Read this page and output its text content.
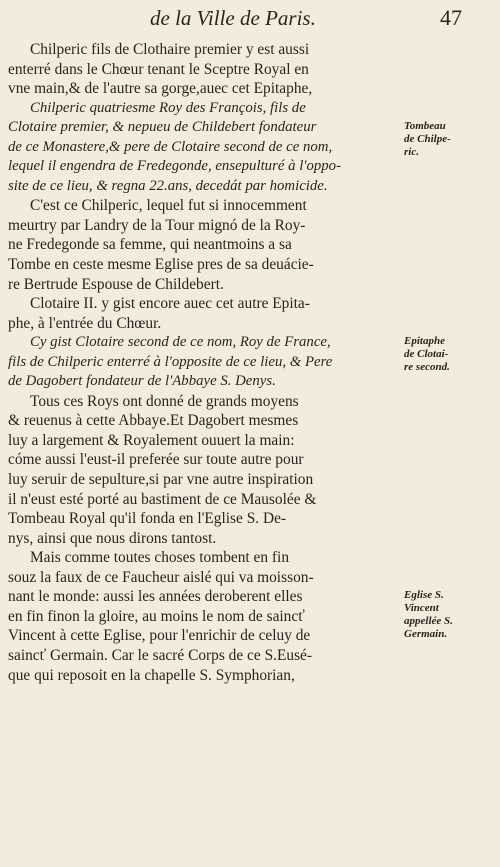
de la Ville de Paris.	47
Chilperic fils de Clothaire premier y est aussi
enterré dans le Chœur tenant le Sceptre Royal en
vne main,& de l'autre sa gorge,auec cet Epitaphe,
Chilperic quatriesme Roy des François, fils de
Clotaire premier, & nepueu de Childebert fondateur
de ce Monastere,& pere de Clotaire second de ce nom,
lequel il engendra de Fredegonde, ensepulturé à l'oppo-
site de ce lieu, & regna 22.ans, decedát par homicide.
C'est ce Chilperic, lequel fut si innocemment
meurtry par Landry de la Tour mignó de la Roy-
ne Fredegonde sa femme, qui neantmoins a sa
Tombe en ceste mesme Eglise pres de sa deuácie-
re Bertrude Espouse de Childebert.
Clotaire II. y gist encore auec cet autre Epita-
phe, à l'entrée du Chœur.
Cy gist Clotaire second de ce nom, Roy de France,
fils de Chilperic enterré à l'opposite de ce lieu, & Pere
de Dagobert fondateur de l'Abbaye S. Denys.
Tous ces Roys ont donné de grands moyens
& reuenus à cette Abbaye.Et Dagobert mesmes
luy a largement & Royalement ouuert la main:
cóme aussi l'eust-il preferée sur toute autre pour
luy seruir de sepulture,si par vne autre inspiration
il n'eust esté porté au bastiment de ce Mausolée &
Tombeau Royal qu'il fonda en l'Eglise S. De-
nys, ainsi que nous dirons tantost.
Mais comme toutes choses tombent en fin
souz la faux de ce Faucheur aislé qui va moisson-
nant le monde: aussi les années deroberent elles
en fin finon la gloire, au moins le nom de saincť
Vincent à cette Eglise, pour l'enrichir de celuy de
saincť Germain. Car le sacré Corps de ce S.Eusé-
que qui reposoit en la chapelle S. Symphorian,
Tombeau
de Chilpe-
ric.
Epitaphe
de Clotai-
re second.
Eglise S.
Vincent
appellée S.
Germain.
